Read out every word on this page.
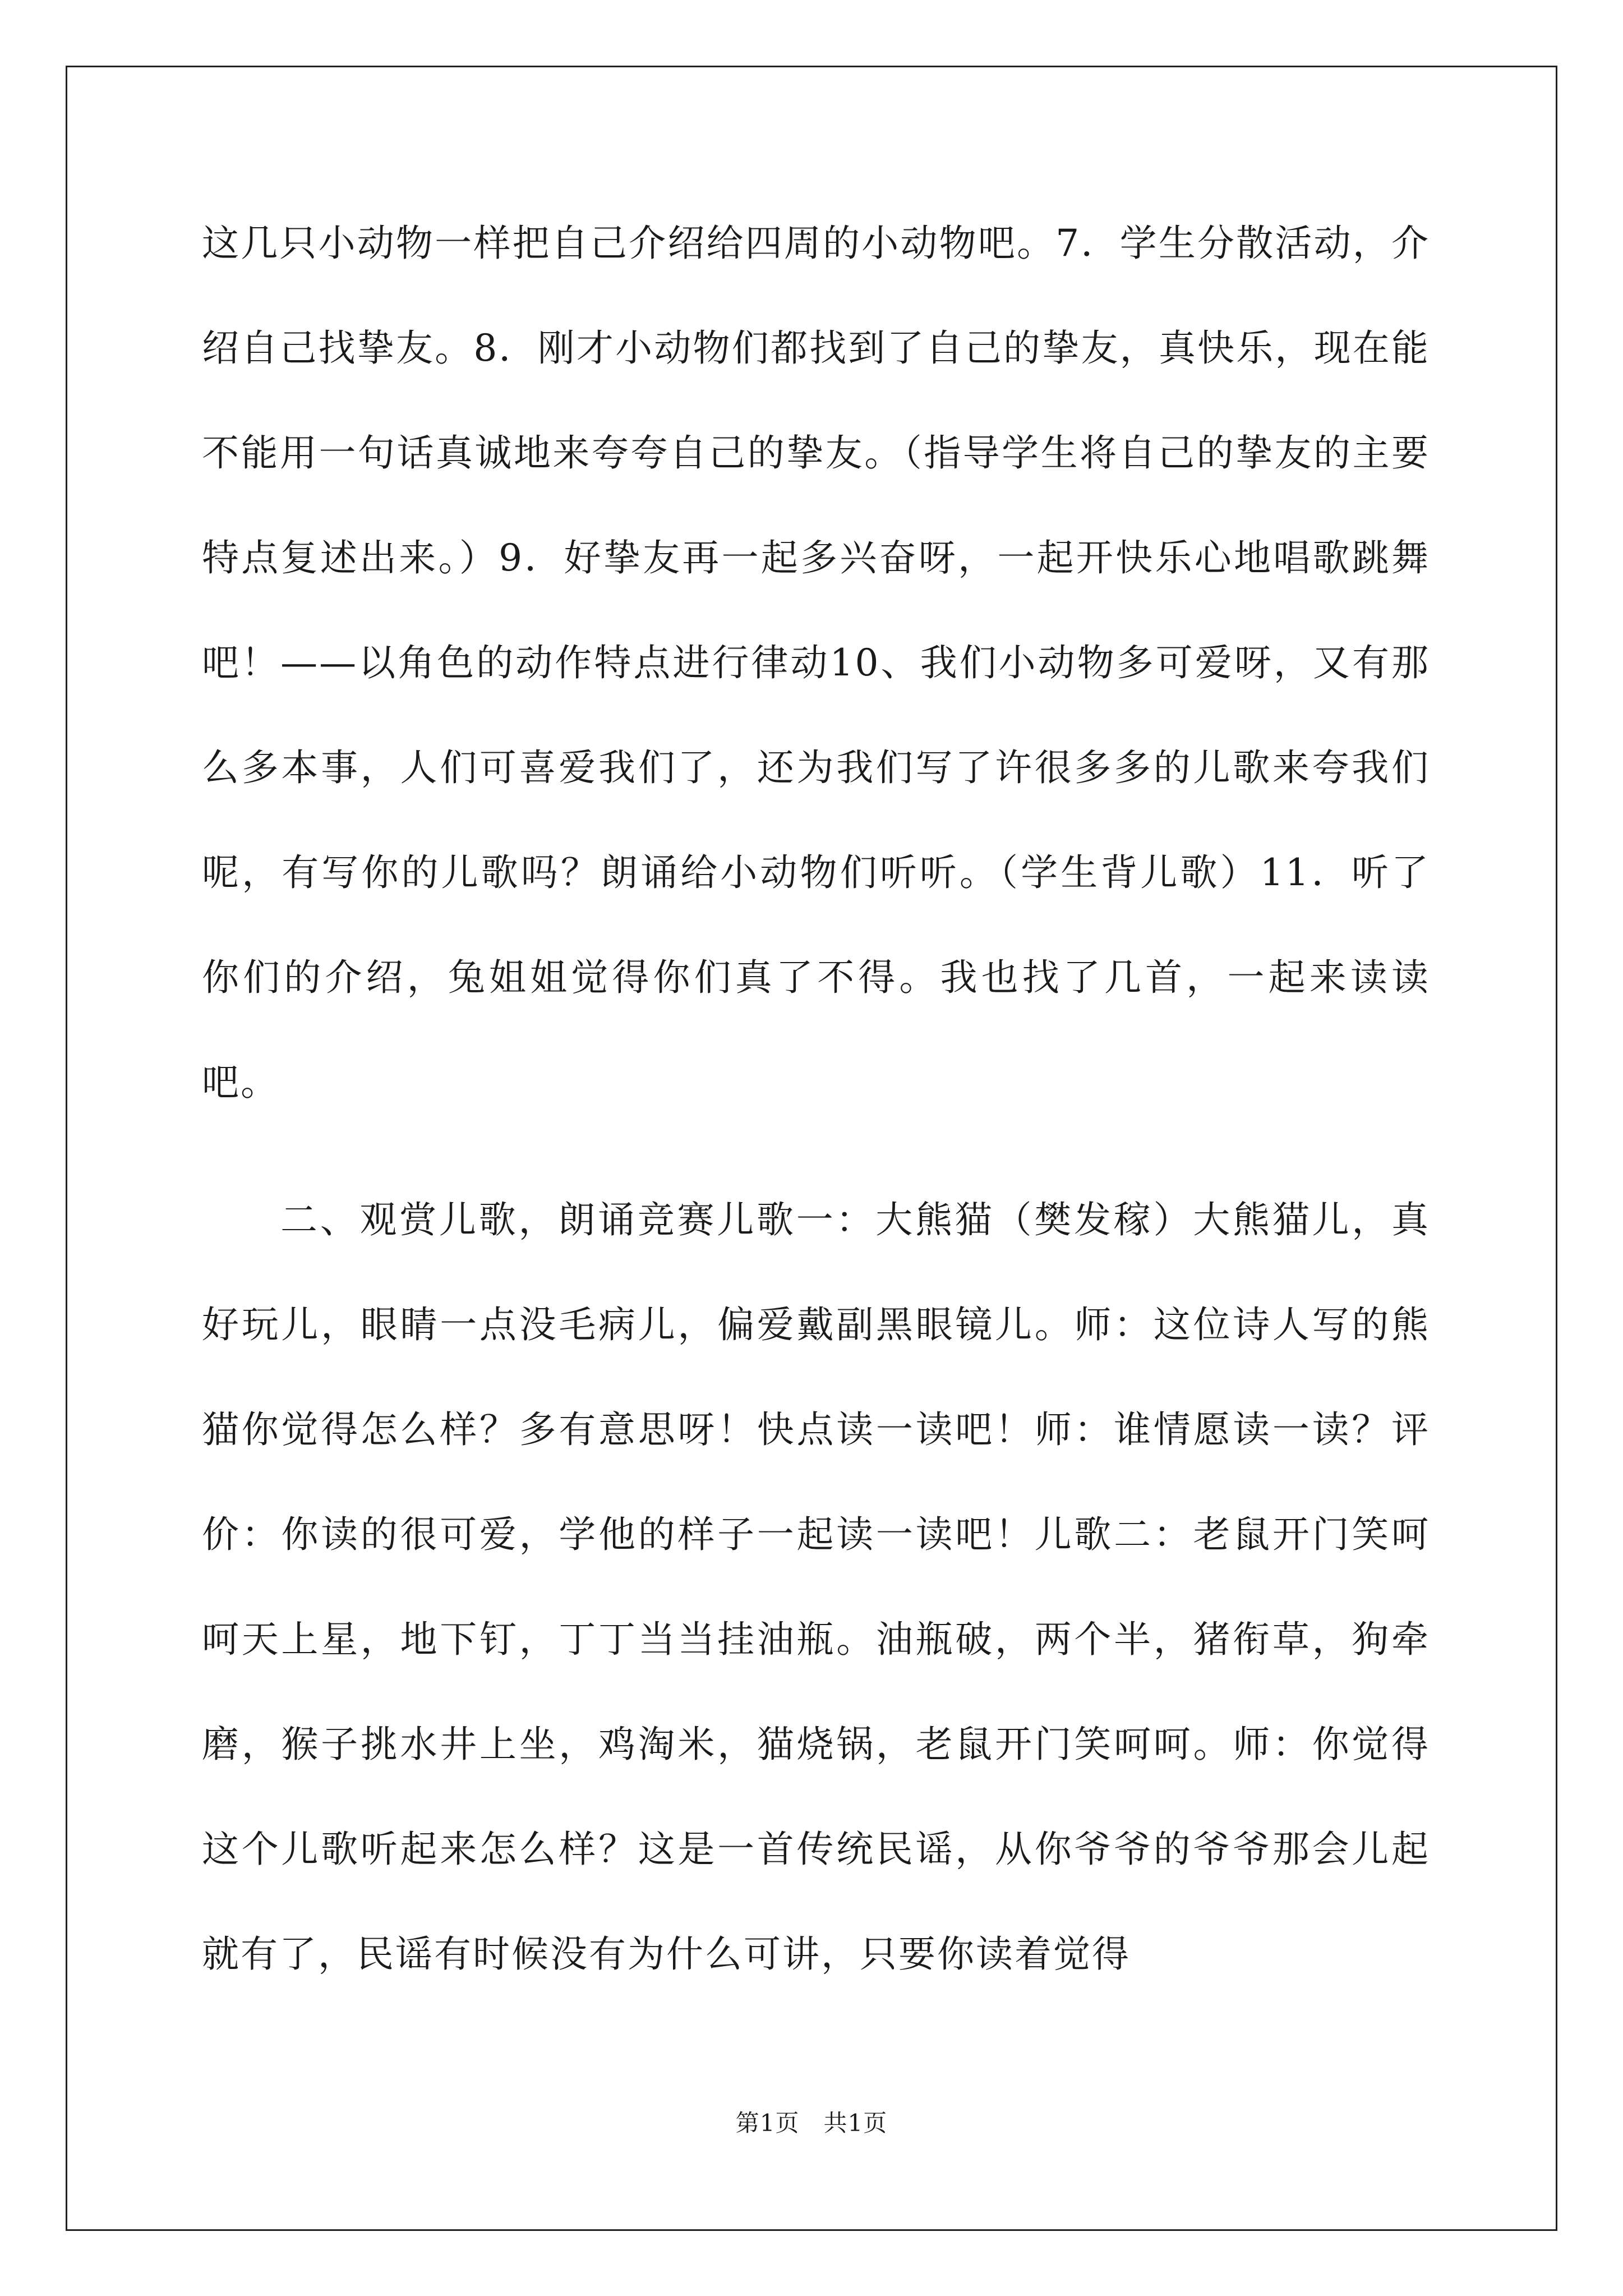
这几只小动物一样把自己介绍给四周的小动物吧。7．学生分散活动，介绍自己找挚友。8．刚才小动物们都找到了自己的挚友，真快乐，现在能不能用一句话真诚地来夸夸自己的挚友。（指导学生将自己的挚友的主要特点复述出来。）9．好挚友再一起多兴奋呀，一起开快乐心地唱歌跳舞吧！——以角色的动作特点进行律动10、我们小动物多可爱呀，又有那么多本事，人们可喜爱我们了，还为我们写了许很多多的儿歌来夸我们呢，有写你的儿歌吗？朗诵给小动物们听听。（学生背儿歌）11．听了你们的介绍，兔姐姐觉得你们真了不得。我也找了几首，一起来读读吧。

二、观赏儿歌，朗诵竞赛儿歌一：大熊猫（樊发稼）大熊猫儿，真好玩儿，眼睛一点没毛病儿，偏爱戴副黑眼镜儿。师：这位诗人写的熊猫你觉得怎么样？多有意思呀！快点读一读吧！师：谁情愿读一读？评价：你读的很可爱，学他的样子一起读一读吧！儿歌二：老鼠开门笑呵呵天上星，地下钉，丁丁当当挂油瓶。油瓶破，两个半，猪衔草，狗牵磨，猴子挑水井上坐，鸡淘米，猫烧锅，老鼠开门笑呵呵。师：你觉得这个儿歌听起来怎么样？这是一首传统民谣，从你爷爷的爷爷那会儿起就有了，民谣有时候没有为什么可讲，只要你读着觉得

第1页　共1页
